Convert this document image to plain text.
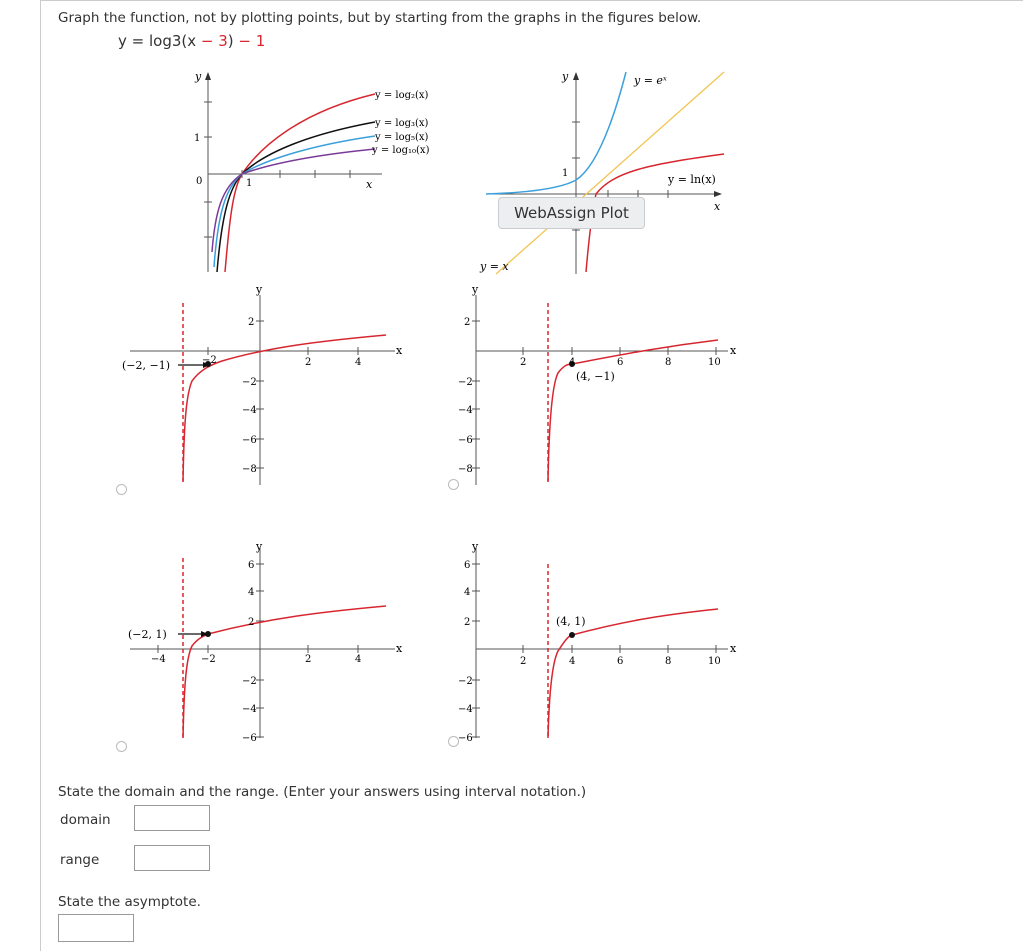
Graph the function, not by plotting points, but by starting from the graphs in the figures below.
y = log3(x − 3) − 1
y
x
1
0	1
y = log₂(x)
y = log₃(x)
y = log₅(x)
y = log₁₀(x)
y
x
1
y = eˣ
y = ln(x)
y = x
WebAssign Plot
y
x
2
−2
−4
−6
−8
2	4
−2
(−2, −1)
y
x
2
−2
−4
−6
−8
2	4	6	8	10
(4, −1)
y
x
6
4
2
−2
−4
−6
−4	−2	2	4
(−2, 1)
y
x
6
4
2
−2
−4
−6
2	4	6	8	10
(4, 1)
State the domain and the range. (Enter your answers using interval notation.)
domain
range
State the asymptote.
